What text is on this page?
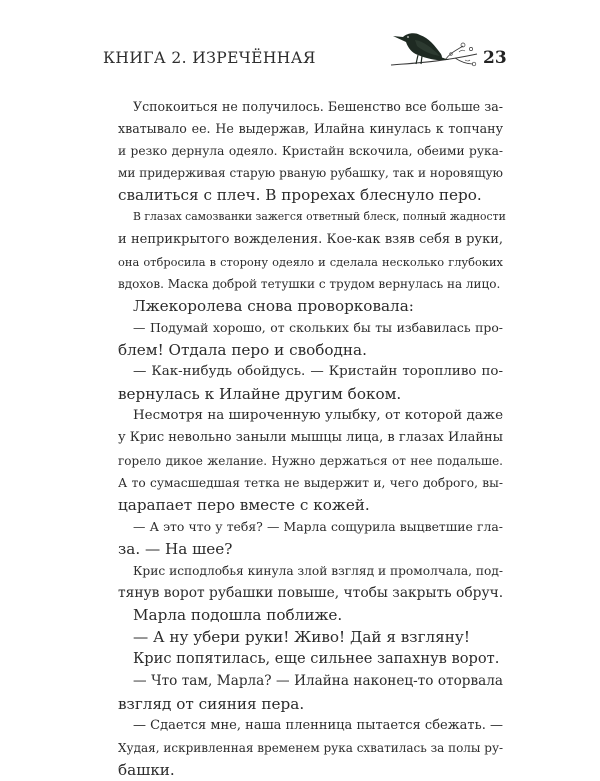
КНИГА 2. ИЗРЕЧЁННАЯ	23

Успокоиться не получилось. Бешенство все больше за-
хватывало ее. Не выдержав, Илайна кинулась к топчану
и резко дернула одеяло. Кристайн вскочила, обеими рука-
ми придерживая старую рваную рубашку, так и норовящую
свалиться с плеч. В прорехах блеснуло перо.

В глазах самозванки зажегся ответный блеск, полный жадности
и неприкрытого вожделения. Кое-как взяв себя в руки,
она отбросила в сторону одеяло и сделала несколько глубоких
вдохов. Маска доброй тетушки с трудом вернулась на лицо.

Лжекоролева снова проворковала:

— Подумай хорошо, от скольких бы ты избавилась про-
блем! Отдала перо и свободна.

— Как-нибудь обойдусь. — Кристайн торопливо по-
вернулась к Илайне другим боком.

Несмотря на широченную улыбку, от которой даже
у Крис невольно заныли мышцы лица, в глазах Илайны
горело дикое желание. Нужно держаться от нее подальше.
А то сумасшедшая тетка не выдержит и, чего доброго, вы-
царапает перо вместе с кожей.

— А это что у тебя? — Марла сощурила выцветшие гла-
за. — На шее?

Крис исподлобья кинула злой взгляд и промолчала, под-
тянув ворот рубашки повыше, чтобы закрыть обруч.

Марла подошла поближе.

— А ну убери руки! Живо! Дай я взгляну!

Крис попятилась, еще сильнее запахнув ворот.

— Что там, Марла? — Илайна наконец-то оторвала
взгляд от сияния пера.

— Сдается мне, наша пленница пытается сбежать. —
Худая, искривленная временем рука схватилась за полы ру-
башки.
